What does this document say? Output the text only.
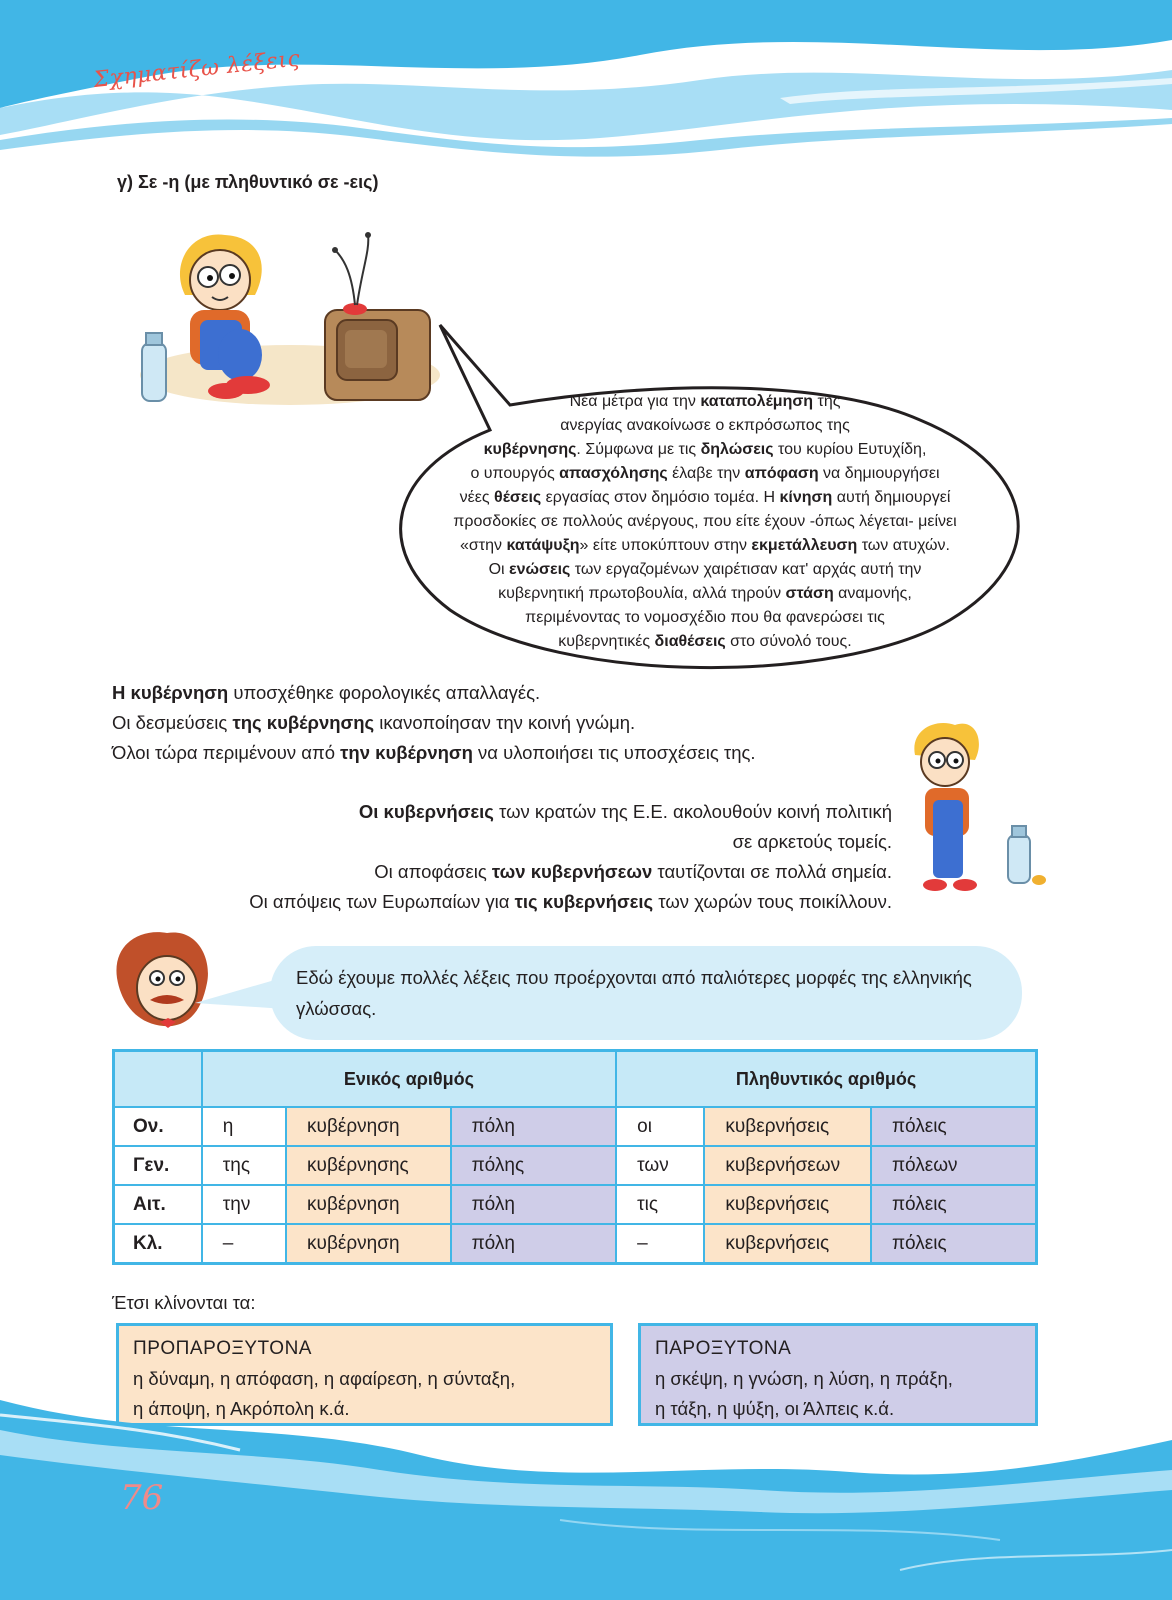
Σχηματίζω λέξεις
γ) Σε -η (με πληθυντικό σε -εις)
Νέα μέτρα για την καταπολέμηση της
ανεργίας ανακοίνωσε ο εκπρόσωπος της
κυβέρνησης. Σύμφωνα με τις δηλώσεις του κυρίου Ευτυχίδη,
ο υπουργός απασχόλησης έλαβε την απόφαση να δημιουργήσει
νέες θέσεις εργασίας στον δημόσιο τομέα. Η κίνηση αυτή δημιουργεί
προσδοκίες σε πολλούς ανέργους, που είτε έχουν -όπως λέγεται- μείνει
«στην κατάψυξη» είτε υποκύπτουν στην εκμετάλλευση των ατυχών.
Οι ενώσεις των εργαζομένων χαιρέτισαν κατ' αρχάς αυτή την
κυβερνητική πρωτοβουλία, αλλά τηρούν στάση αναμονής,
περιμένοντας το νομοσχέδιο που θα φανερώσει τις
κυβερνητικές διαθέσεις στο σύνολό τους.
Η κυβέρνηση υποσχέθηκε φορολογικές απαλλαγές.
Οι δεσμεύσεις της κυβέρνησης ικανοποίησαν την κοινή γνώμη.
Όλοι τώρα περιμένουν από την κυβέρνηση να υλοποιήσει τις υποσχέσεις της.
Οι κυβερνήσεις των κρατών της Ε.Ε. ακολουθούν κοινή πολιτική
σε αρκετούς τομείς.
Οι αποφάσεις των κυβερνήσεων ταυτίζονται σε πολλά σημεία.
Οι απόψεις των Ευρωπαίων για τις κυβερνήσεις των χωρών τους ποικίλλουν.
Εδώ έχουμε πολλές λέξεις που προέρχονται από παλιότερες μορφές της ελληνικής γλώσσας.
	Ενικός αριθμός			Πληθυντικός αριθμός		
Ον.	η	κυβέρνηση	πόλη	οι	κυβερνήσεις	πόλεις
Γεν.	της	κυβέρνησης	πόλης	των	κυβερνήσεων	πόλεων
Αιτ.	την	κυβέρνηση	πόλη	τις	κυβερνήσεις	πόλεις
Κλ.	–	κυβέρνηση	πόλη	–	κυβερνήσεις	πόλεις
Έτσι κλίνονται τα:
ΠΡΟΠΑΡΟΞΥΤΟΝΑ
η δύναμη, η απόφαση, η αφαίρεση, η σύνταξη,
η άποψη, η Ακρόπολη κ.ά.
ΠΑΡΟΞΥΤΟΝΑ
η σκέψη, η γνώση, η λύση, η πράξη,
η τάξη, η ψύξη, οι Άλπεις κ.ά.
76
